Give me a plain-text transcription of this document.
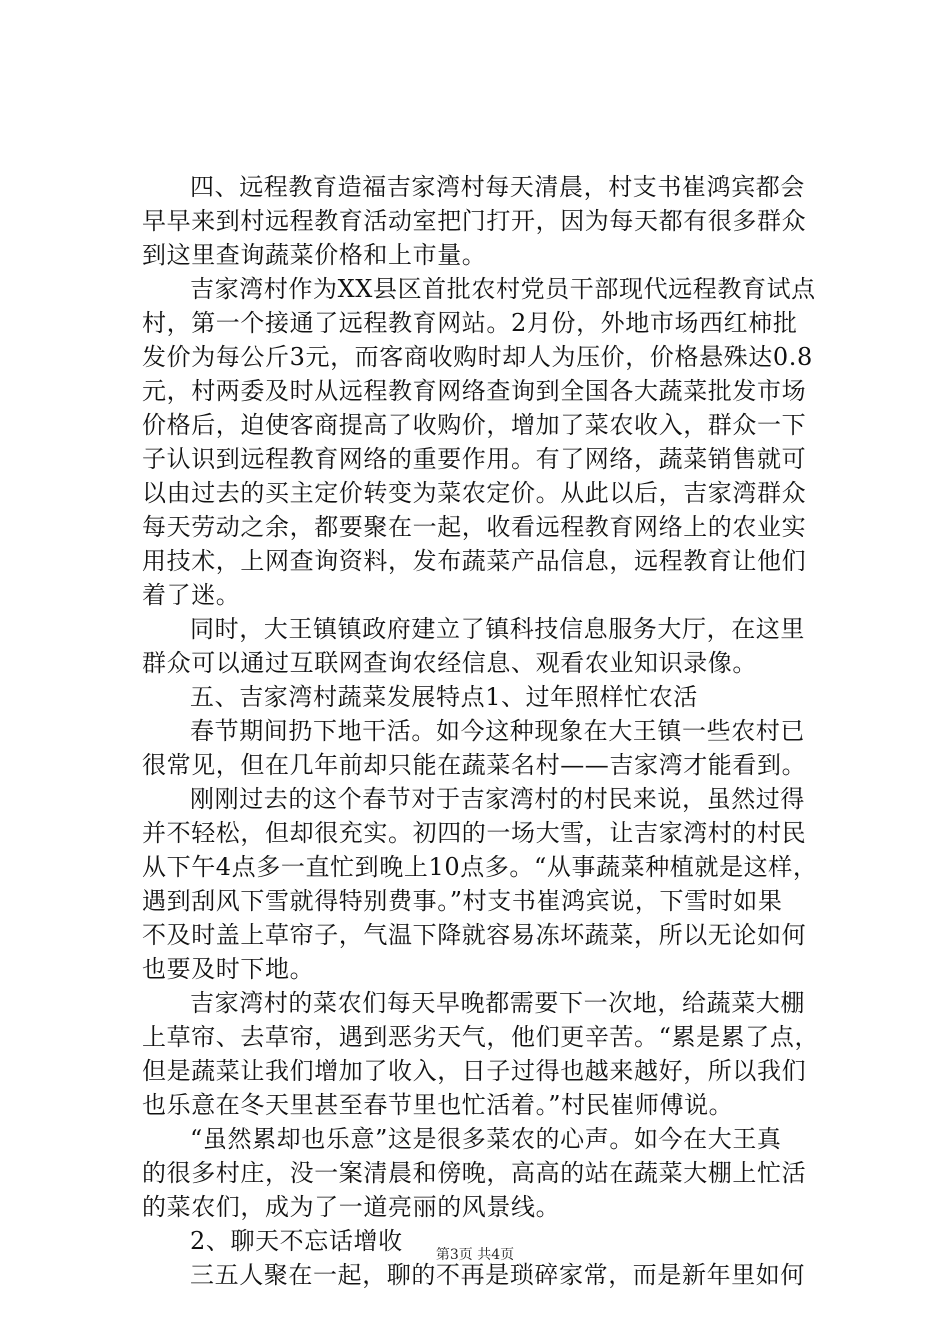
四、远程教育造福吉家湾村每天清晨，村支书崔鸿宾都会
早早来到村远程教育活动室把门打开，因为每天都有很多群众
到这里查询蔬菜价格和上市量。

吉家湾村作为XX县区首批农村党员干部现代远程教育试点
村，第一个接通了远程教育网站。2月份，外地市场西红柿批
发价为每公斤3元，而客商收购时却人为压价，价格悬殊达0.8
元，村两委及时从远程教育网络查询到全国各大蔬菜批发市场
价格后，迫使客商提高了收购价，增加了菜农收入，群众一下
子认识到远程教育网络的重要作用。有了网络，蔬菜销售就可
以由过去的买主定价转变为菜农定价。从此以后，吉家湾群众
每天劳动之余，都要聚在一起，收看远程教育网络上的农业实
用技术，上网查询资料，发布蔬菜产品信息，远程教育让他们
着了迷。

同时，大王镇镇政府建立了镇科技信息服务大厅，在这里
群众可以通过互联网查询农经信息、观看农业知识录像。

五、吉家湾村蔬菜发展特点1、过年照样忙农活

春节期间扔下地干活。如今这种现象在大王镇一些农村已
很常见，但在几年前却只能在蔬菜名村——吉家湾才能看到。

刚刚过去的这个春节对于吉家湾村的村民来说，虽然过得
并不轻松，但却很充实。初四的一场大雪，让吉家湾村的村民
从下午4点多一直忙到晚上10点多。“从事蔬菜种植就是这样，
遇到刮风下雪就得特别费事。”村支书崔鸿宾说，下雪时如果
不及时盖上草帘子，气温下降就容易冻坏蔬菜，所以无论如何
也要及时下地。

吉家湾村的菜农们每天早晚都需要下一次地，给蔬菜大棚
上草帘、去草帘，遇到恶劣天气，他们更辛苦。“累是累了点，
但是蔬菜让我们增加了收入，日子过得也越来越好，所以我们
也乐意在冬天里甚至春节里也忙活着。”村民崔师傅说。

“虽然累却也乐意”这是很多菜农的心声。如今在大王真
的很多村庄，没一案清晨和傍晚，高高的站在蔬菜大棚上忙活
的菜农们，成为了一道亮丽的风景线。

2、聊天不忘话增收

三五人聚在一起，聊的不再是琐碎家常，而是新年里如何

第3页 共4页
